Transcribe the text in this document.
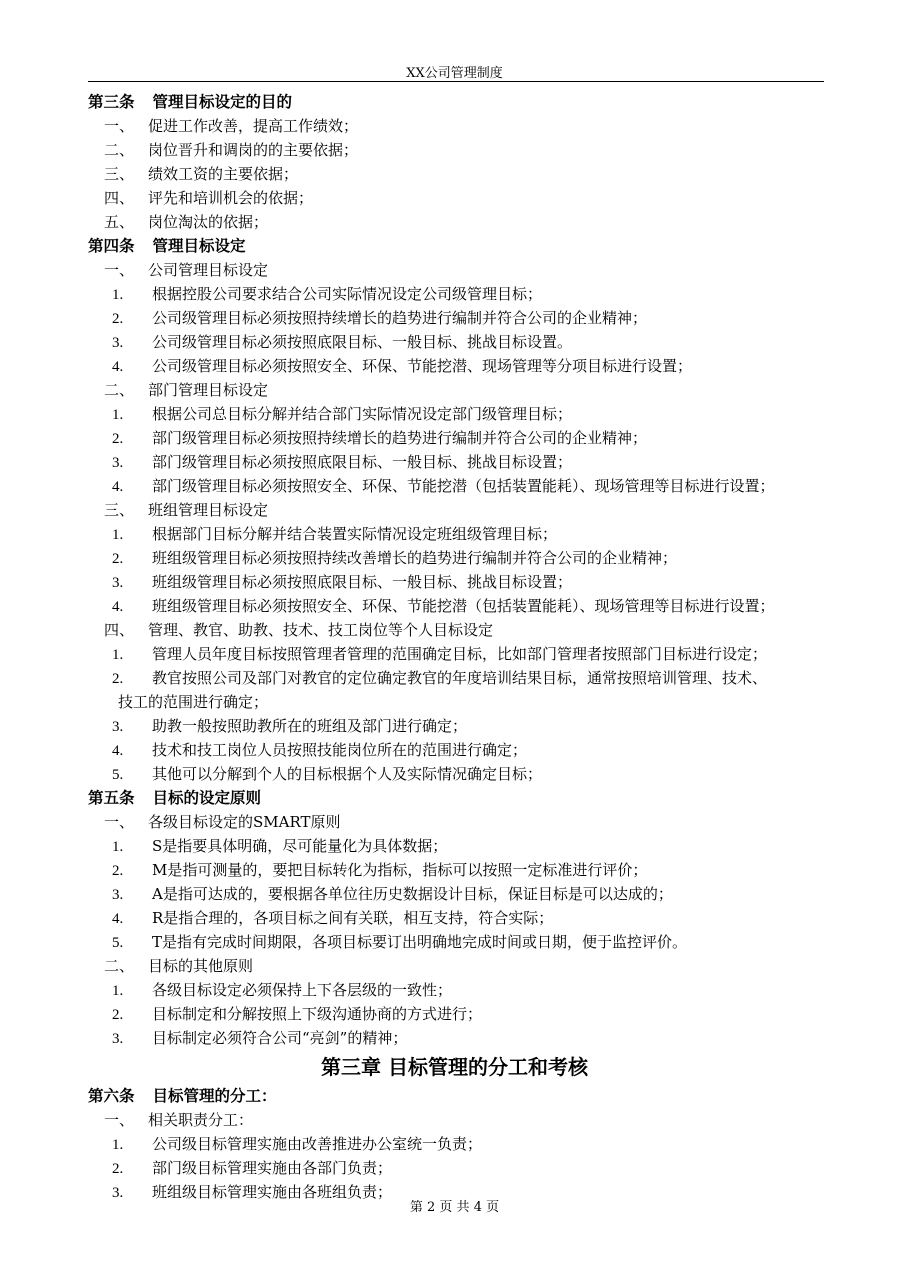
XX公司管理制度
第三条 管理目标设定的目的
一、 促进工作改善，提高工作绩效；
二、 岗位晋升和调岗的的主要依据；
三、 绩效工资的主要依据；
四、 评先和培训机会的依据；
五、 岗位淘汰的依据；
第四条 管理目标设定
一、 公司管理目标设定
1. 根据控股公司要求结合公司实际情况设定公司级管理目标；
2. 公司级管理目标必须按照持续增长的趋势进行编制并符合公司的企业精神；
3. 公司级管理目标必须按照底限目标、一般目标、挑战目标设置。
4. 公司级管理目标必须按照安全、环保、节能挖潜、现场管理等分项目标进行设置；
二、 部门管理目标设定
1. 根据公司总目标分解并结合部门实际情况设定部门级管理目标；
2. 部门级管理目标必须按照持续增长的趋势进行编制并符合公司的企业精神；
3. 部门级管理目标必须按照底限目标、一般目标、挑战目标设置；
4. 部门级管理目标必须按照安全、环保、节能挖潜（包括装置能耗）、现场管理等目标进行设置；
三、 班组管理目标设定
1. 根据部门目标分解并结合装置实际情况设定班组级管理目标；
2. 班组级管理目标必须按照持续改善增长的趋势进行编制并符合公司的企业精神；
3. 班组级管理目标必须按照底限目标、一般目标、挑战目标设置；
4. 班组级管理目标必须按照安全、环保、节能挖潜（包括装置能耗）、现场管理等目标进行设置；
四、 管理、教官、助教、技术、技工岗位等个人目标设定
1. 管理人员年度目标按照管理者管理的范围确定目标，比如部门管理者按照部门目标进行设定；
2. 教官按照公司及部门对教官的定位确定教官的年度培训结果目标，通常按照培训管理、技术、
技工的范围进行确定；
3. 助教一般按照助教所在的班组及部门进行确定；
4. 技术和技工岗位人员按照技能岗位所在的范围进行确定；
5. 其他可以分解到个人的目标根据个人及实际情况确定目标；
第五条 目标的设定原则
一、 各级目标设定的SMART原则
1. S是指要具体明确，尽可能量化为具体数据；
2. M是指可测量的，要把目标转化为指标，指标可以按照一定标准进行评价；
3. A是指可达成的，要根据各单位往历史数据设计目标，保证目标是可以达成的；
4. R是指合理的，各项目标之间有关联，相互支持，符合实际；
5. T是指有完成时间期限，各项目标要订出明确地完成时间或日期，便于监控评价。
二、 目标的其他原则
1. 各级目标设定必须保持上下各层级的一致性；
2. 目标制定和分解按照上下级沟通协商的方式进行；
3. 目标制定必须符合公司“亮剑”的精神；
第三章 目标管理的分工和考核
第六条 目标管理的分工：
一、 相关职责分工：
1. 公司级目标管理实施由改善推进办公室统一负责；
2. 部门级目标管理实施由各部门负责；
3. 班组级目标管理实施由各班组负责；
第 2 页 共 4 页
